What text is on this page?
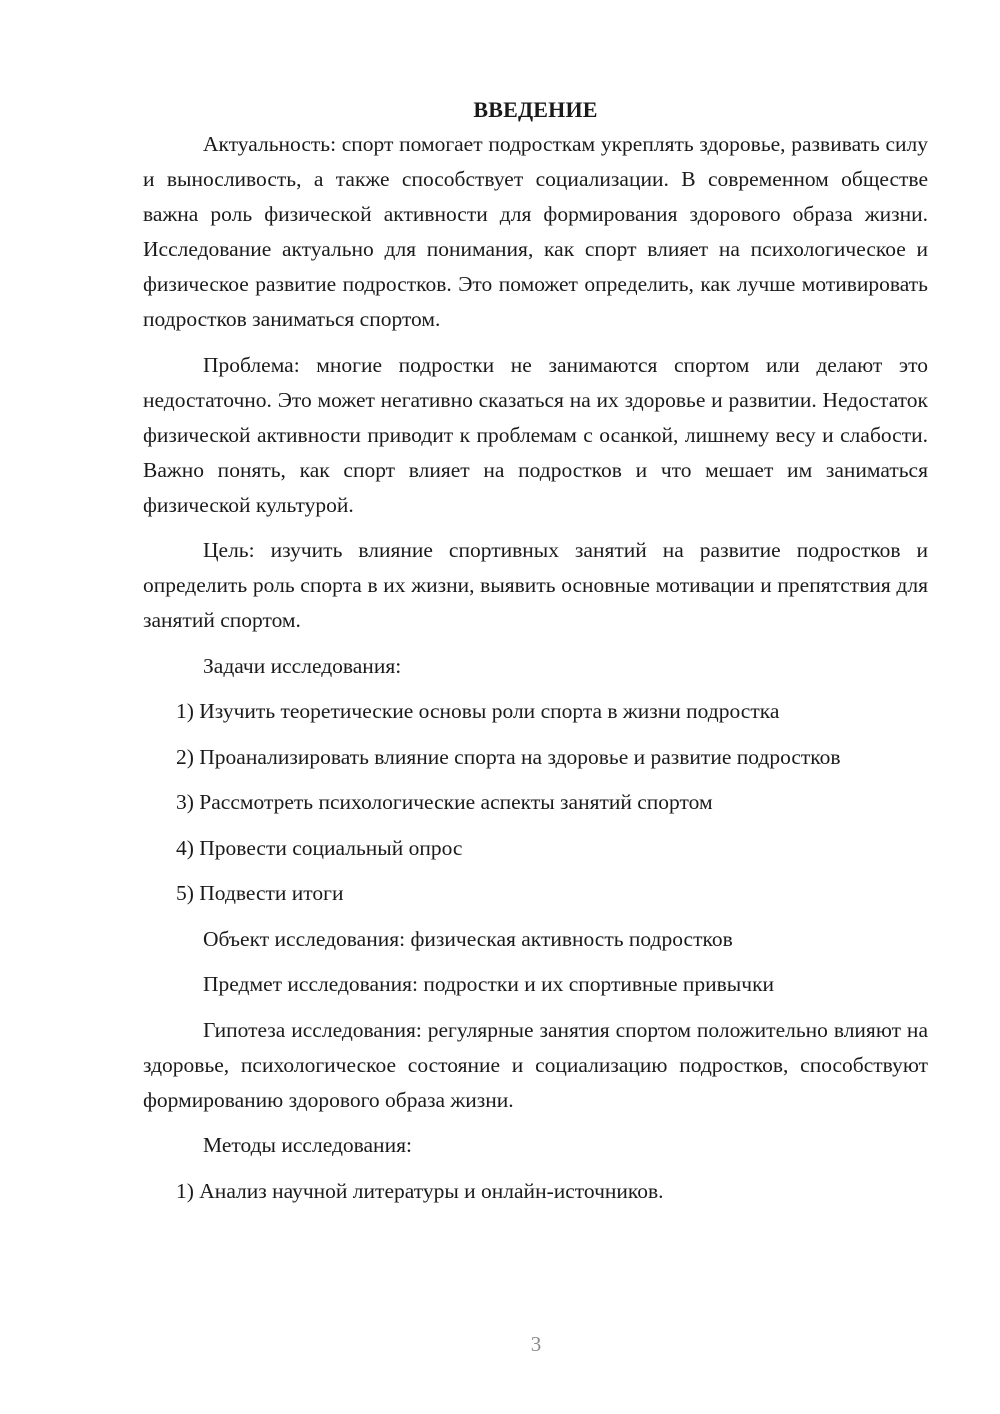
ВВЕДЕНИЕ

Актуальность: спорт помогает подросткам укреплять здоровье, развивать силу и выносливость, а также способствует социализации. В современном обществе важна роль физической активности для формирования здорового образа жизни. Исследование актуально для понимания, как спорт влияет на психологическое и физическое развитие подростков. Это поможет определить, как лучше мотивировать подростков заниматься спортом.

Проблема: многие подростки не занимаются спортом или делают это недостаточно. Это может негативно сказаться на их здоровье и развитии. Недостаток физической активности приводит к проблемам с осанкой, лишнему весу и слабости. Важно понять, как спорт влияет на подростков и что мешает им заниматься физической культурой.

Цель: изучить влияние спортивных занятий на развитие подростков и определить роль спорта в их жизни, выявить основные мотивации и препятствия для занятий спортом.

Задачи исследования:

1) Изучить теоретические основы роли спорта в жизни подростка

2) Проанализировать влияние спорта на здоровье и развитие подростков

3) Рассмотреть психологические аспекты занятий спортом

4) Провести социальный опрос

5) Подвести итоги

Объект исследования: физическая активность подростков

Предмет исследования: подростки и их спортивные привычки

Гипотеза исследования: регулярные занятия спортом положительно влияют на здоровье, психологическое состояние и социализацию подростков, способствуют формированию здорового образа жизни.

Методы исследования:

1) Анализ научной литературы и онлайн-источников.

3
